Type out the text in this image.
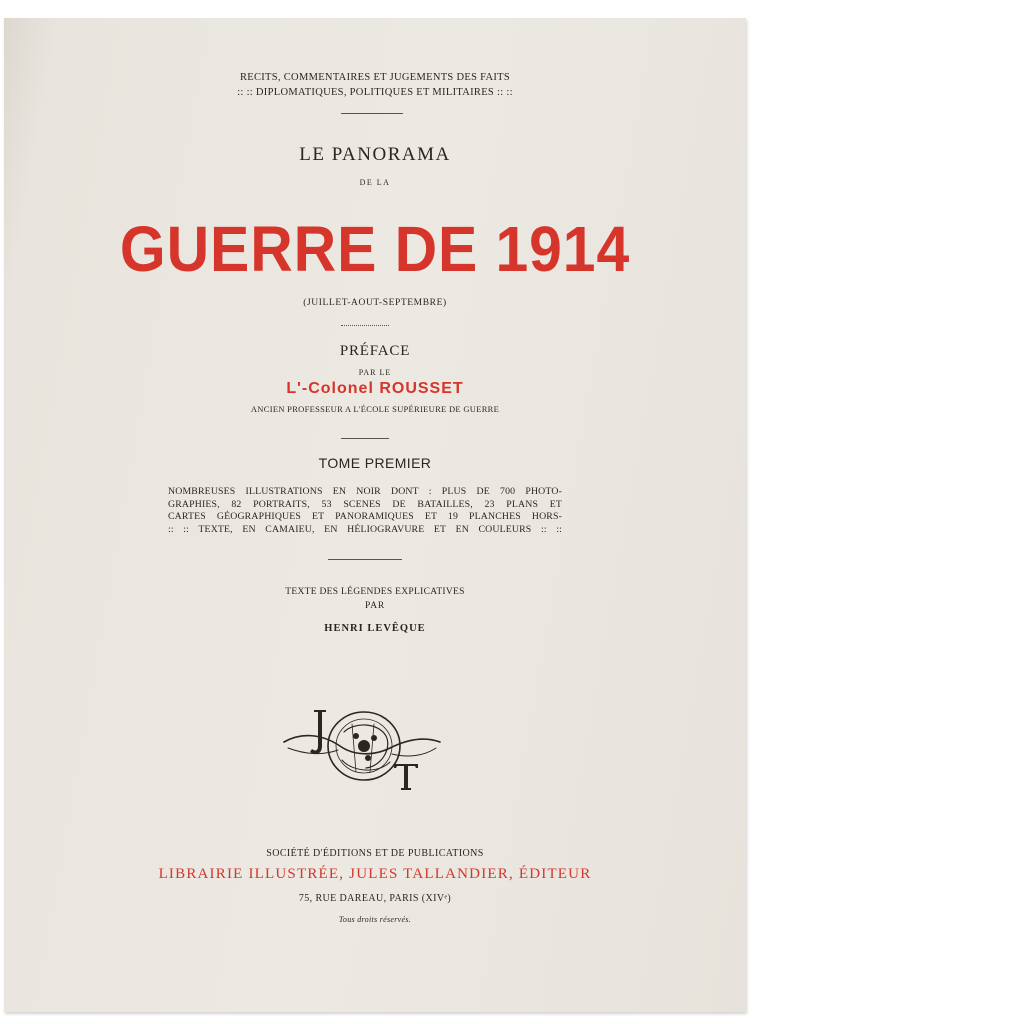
RECITS, COMMENTAIRES ET JUGEMENTS DES FAITS
:: :: DIPLOMATIQUES, POLITIQUES ET MILITAIRES :: ::
LE PANORAMA
DE LA
GUERRE DE 1914
(JUILLET-AOUT-SEPTEMBRE)
PRÉFACE
PAR LE
L'-Colonel ROUSSET
ANCIEN PROFESSEUR A L'ÉCOLE SUPÉRIEURE DE GUERRE
TOME PREMIER
NOMBREUSES ILLUSTRATIONS EN NOIR DONT : PLUS DE 700 PHOTO-
GRAPHIES, 82 PORTRAITS, 53 SCENES DE BATAILLES, 23 PLANS ET
CARTES GÉOGRAPHIQUES ET PANORAMIQUES ET 19 PLANCHES HORS-
:: :: TEXTE, EN CAMAIEU, EN HÉLIOGRAVURE ET EN COULEURS :: ::
TEXTE DES LÉGENDES EXPLICATIVES
PAR
HENRI LEVÊQUE
SOCIÉTÉ D'ÉDITIONS ET DE PUBLICATIONS
LIBRAIRIE ILLUSTRÉE, JULES TALLANDIER, ÉDITEUR
75, RUE DAREAU, PARIS (XIVᵉ)
Tous droits réservés.
